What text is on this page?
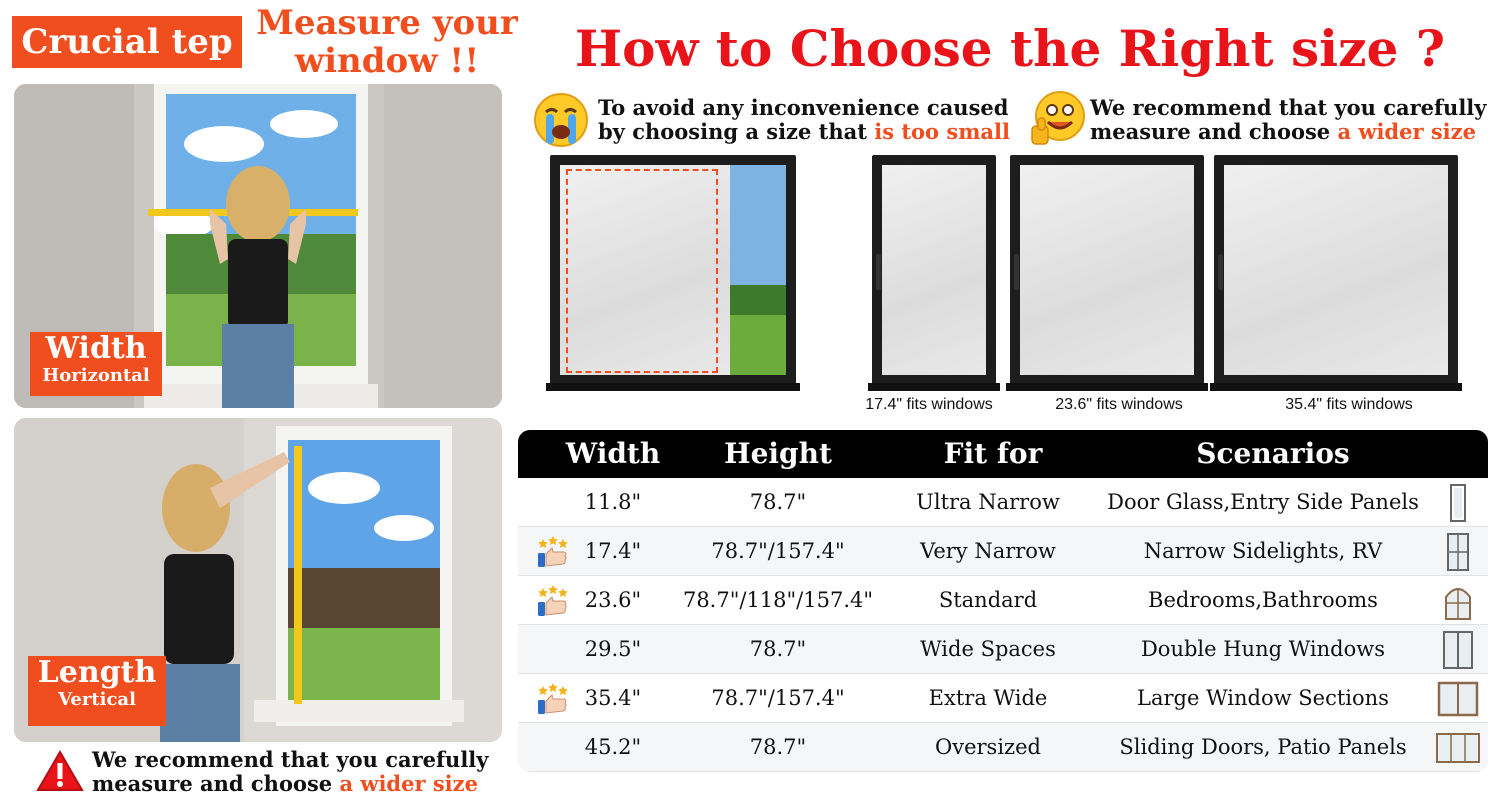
Crucial tep Measure your window !!
Width
Horizontal
Length
Vertical
We recommend that you carefully
measure and choose a wider size
How to Choose the Right size ?
To avoid any inconvenience caused
by choosing a size that is too small
We recommend that you carefully
measure and choose a wider size
17.4" fits windows	23.6" fits windows	35.4" fits windows
Width	Height	Fit for	Scenarios
11.8"	78.7"	Ultra Narrow	Door Glass,Entry Side Panels
17.4"	78.7"/157.4"	Very Narrow	Narrow Sidelights, RV
23.6"	78.7"/118"/157.4"	Standard	Bedrooms,Bathrooms
29.5"	78.7"	Wide Spaces	Double Hung Windows
35.4"	78.7"/157.4"	Extra Wide	Large Window Sections
45.2"	78.7"	Oversized	Sliding Doors, Patio Panels
